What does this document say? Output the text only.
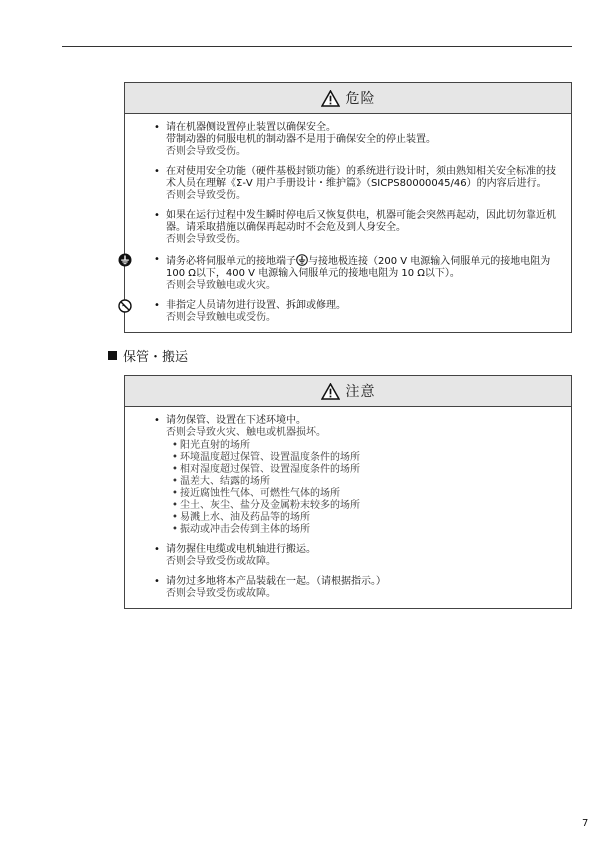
危险
• 请在机器侧设置停止装置以确保安全。
带制动器的伺服电机的制动器不是用于确保安全的停止装置。
否则会导致受伤。
• 在对使用安全功能（硬件基极封锁功能）的系统进行设计时，须由熟知相关安全标准的技术人员在理解《Σ-V 用户手册设计・维护篇》（SICPS80000045/46）的内容后进行。
否则会导致受伤。
• 如果在运行过程中发生瞬时停电后又恢复供电，机器可能会突然再起动，因此切勿靠近机器。请采取措施以确保再起动时不会危及到人身安全。
否则会导致受伤。
• 请务必将伺服单元的接地端子 与接地极连接（200 V 电源输入伺服单元的接地电阻为 100 Ω以下，400 V 电源输入伺服单元的接地电阻为 10 Ω以下）。
否则会导致触电或火灾。
• 非指定人员请勿进行设置、拆卸或修理。
否则会导致触电或受伤。
保管・搬运
注意
• 请勿保管、设置在下述环境中。
否则会导致火灾、触电或机器损坏。
• 阳光直射的场所
• 环境温度超过保管、设置温度条件的场所
• 相对湿度超过保管、设置湿度条件的场所
• 温差大、结露的场所
• 接近腐蚀性气体、可燃性气体的场所
• 尘土、灰尘、盐分及金属粉末较多的场所
• 易溅上水、油及药品等的场所
• 振动或冲击会传到主体的场所
• 请勿握住电缆或电机轴进行搬运。
否则会导致受伤或故障。
• 请勿过多地将本产品装载在一起。（请根据指示。）
否则会导致受伤或故障。
7
